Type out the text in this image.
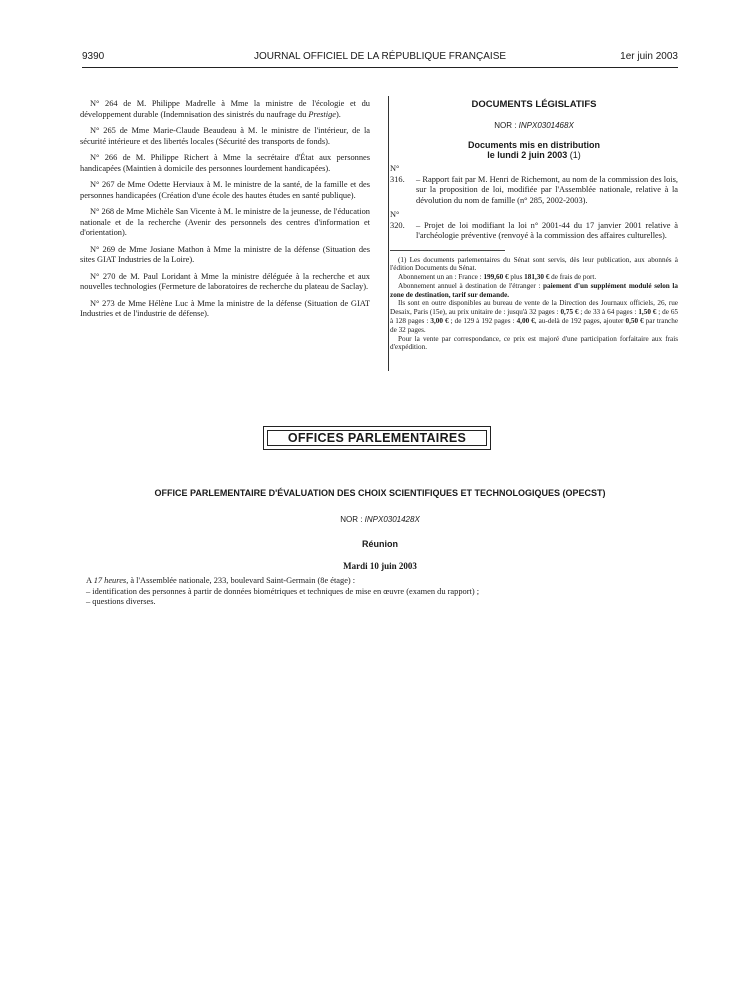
9390	JOURNAL OFFICIEL DE LA RÉPUBLIQUE FRANÇAISE	1er juin 2003

N° 264 de M. Philippe Madrelle à Mme la ministre de l'écologie et du développement durable (Indemnisation des sinistrés du naufrage du Prestige).

N° 265 de Mme Marie-Claude Beaudeau à M. le ministre de l'intérieur, de la sécurité intérieure et des libertés locales (Sécurité des transports de fonds).

N° 266 de M. Philippe Richert à Mme la secrétaire d'État aux personnes handicapées (Maintien à domicile des personnes lourdement handicapées).

N° 267 de Mme Odette Herviaux à M. le ministre de la santé, de la famille et des personnes handicapées (Création d'une école des hautes études en santé publique).

N° 268 de Mme Michèle San Vicente à M. le ministre de la jeunesse, de l'éducation nationale et de la recherche (Avenir des personnels des centres d'information et d'orientation).

N° 269 de Mme Josiane Mathon à Mme la ministre de la défense (Situation des sites GIAT Industries de la Loire).

N° 270 de M. Paul Loridant à Mme la ministre déléguée à la recherche et aux nouvelles technologies (Fermeture de laboratoires de recherche du plateau de Saclay).

N° 273 de Mme Hélène Luc à Mme la ministre de la défense (Situation de GIAT Industries et de l'industrie de défense).

DOCUMENTS LÉGISLATIFS
NOR : INPX0301468X
Documents mis en distribution
le lundi 2 juin 2003 (1)
N° 316. – Rapport fait par M. Henri de Richemont, au nom de la commission des lois, sur la proposition de loi, modifiée par l'Assemblée nationale, relative à la dévolution du nom de famille (n° 285, 2002-2003).
N° 320. – Projet de loi modifiant la loi n° 2001-44 du 17 janvier 2001 relative à l'archéologie préventive (renvoyé à la commission des affaires culturelles).

(1) Les documents parlementaires du Sénat sont servis, dès leur publication, aux abonnés à l'édition Documents du Sénat.

Abonnement un an : France : 199,60 € plus 181,30 € de frais de port.

Abonnement annuel à destination de l'étranger : paiement d'un supplément modulé selon la zone de destination, tarif sur demande.

Ils sont en outre disponibles au bureau de vente de la Direction des Journaux officiels, 26, rue Desaix, Paris (15e), au prix unitaire de : jusqu'à 32 pages : 0,75 € ; de 33 à 64 pages : 1,50 € ; de 65 à 128 pages : 3,00 € ; de 129 à 192 pages : 4,00 €, au-delà de 192 pages, ajouter 0,50 € par tranche de 32 pages.

Pour la vente par correspondance, ce prix est majoré d'une participation forfaitaire aux frais d'expédition.

OFFICES PARLEMENTAIRES
OFFICE PARLEMENTAIRE D'ÉVALUATION DES CHOIX SCIENTIFIQUES ET TECHNOLOGIQUES (OPECST)
NOR : INPX0301428X
Réunion
Mardi 10 juin 2003

A 17 heures, à l'Assemblée nationale, 233, boulevard Saint-Germain (8e étage) :

– identification des personnes à partir de données biométriques et techniques de mise en œuvre (examen du rapport) ;

– questions diverses.
